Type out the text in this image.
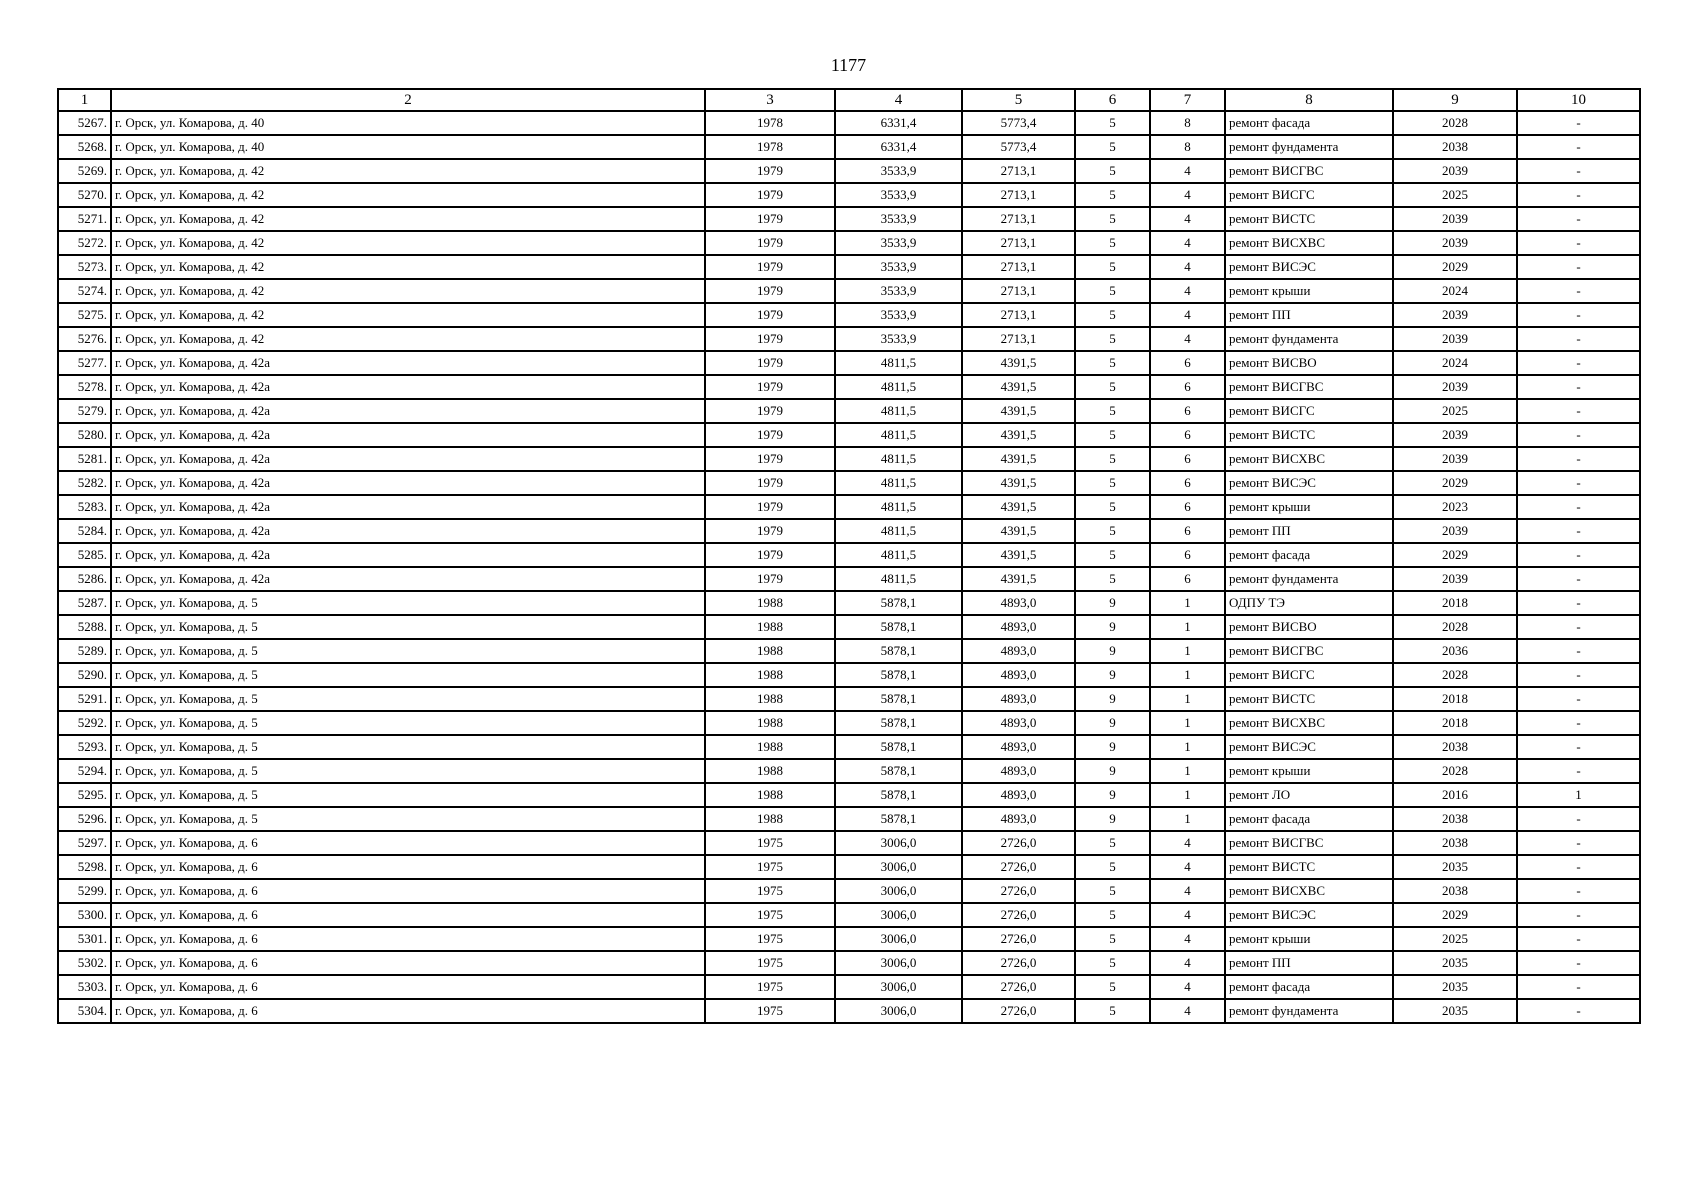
1177
1	2	3	4	5	6	7	8	9	10
5267.	г. Орск, ул. Комарова, д. 40	1978	6331,4	5773,4	5	8	ремонт фасада	2028	-
5268.	г. Орск, ул. Комарова, д. 40	1978	6331,4	5773,4	5	8	ремонт фундамента	2038	-
5269.	г. Орск, ул. Комарова, д. 42	1979	3533,9	2713,1	5	4	ремонт ВИСГВС	2039	-
5270.	г. Орск, ул. Комарова, д. 42	1979	3533,9	2713,1	5	4	ремонт ВИСГС	2025	-
5271.	г. Орск, ул. Комарова, д. 42	1979	3533,9	2713,1	5	4	ремонт ВИСТС	2039	-
5272.	г. Орск, ул. Комарова, д. 42	1979	3533,9	2713,1	5	4	ремонт ВИСХВС	2039	-
5273.	г. Орск, ул. Комарова, д. 42	1979	3533,9	2713,1	5	4	ремонт ВИСЭС	2029	-
5274.	г. Орск, ул. Комарова, д. 42	1979	3533,9	2713,1	5	4	ремонт крыши	2024	-
5275.	г. Орск, ул. Комарова, д. 42	1979	3533,9	2713,1	5	4	ремонт ПП	2039	-
5276.	г. Орск, ул. Комарова, д. 42	1979	3533,9	2713,1	5	4	ремонт фундамента	2039	-
5277.	г. Орск, ул. Комарова, д. 42а	1979	4811,5	4391,5	5	6	ремонт ВИСВО	2024	-
5278.	г. Орск, ул. Комарова, д. 42а	1979	4811,5	4391,5	5	6	ремонт ВИСГВС	2039	-
5279.	г. Орск, ул. Комарова, д. 42а	1979	4811,5	4391,5	5	6	ремонт ВИСГС	2025	-
5280.	г. Орск, ул. Комарова, д. 42а	1979	4811,5	4391,5	5	6	ремонт ВИСТС	2039	-
5281.	г. Орск, ул. Комарова, д. 42а	1979	4811,5	4391,5	5	6	ремонт ВИСХВС	2039	-
5282.	г. Орск, ул. Комарова, д. 42а	1979	4811,5	4391,5	5	6	ремонт ВИСЭС	2029	-
5283.	г. Орск, ул. Комарова, д. 42а	1979	4811,5	4391,5	5	6	ремонт крыши	2023	-
5284.	г. Орск, ул. Комарова, д. 42а	1979	4811,5	4391,5	5	6	ремонт ПП	2039	-
5285.	г. Орск, ул. Комарова, д. 42а	1979	4811,5	4391,5	5	6	ремонт фасада	2029	-
5286.	г. Орск, ул. Комарова, д. 42а	1979	4811,5	4391,5	5	6	ремонт фундамента	2039	-
5287.	г. Орск, ул. Комарова, д. 5	1988	5878,1	4893,0	9	1	ОДПУ ТЭ	2018	-
5288.	г. Орск, ул. Комарова, д. 5	1988	5878,1	4893,0	9	1	ремонт ВИСВО	2028	-
5289.	г. Орск, ул. Комарова, д. 5	1988	5878,1	4893,0	9	1	ремонт ВИСГВС	2036	-
5290.	г. Орск, ул. Комарова, д. 5	1988	5878,1	4893,0	9	1	ремонт ВИСГС	2028	-
5291.	г. Орск, ул. Комарова, д. 5	1988	5878,1	4893,0	9	1	ремонт ВИСТС	2018	-
5292.	г. Орск, ул. Комарова, д. 5	1988	5878,1	4893,0	9	1	ремонт ВИСХВС	2018	-
5293.	г. Орск, ул. Комарова, д. 5	1988	5878,1	4893,0	9	1	ремонт ВИСЭС	2038	-
5294.	г. Орск, ул. Комарова, д. 5	1988	5878,1	4893,0	9	1	ремонт крыши	2028	-
5295.	г. Орск, ул. Комарова, д. 5	1988	5878,1	4893,0	9	1	ремонт ЛО	2016	1
5296.	г. Орск, ул. Комарова, д. 5	1988	5878,1	4893,0	9	1	ремонт фасада	2038	-
5297.	г. Орск, ул. Комарова, д. 6	1975	3006,0	2726,0	5	4	ремонт ВИСГВС	2038	-
5298.	г. Орск, ул. Комарова, д. 6	1975	3006,0	2726,0	5	4	ремонт ВИСТС	2035	-
5299.	г. Орск, ул. Комарова, д. 6	1975	3006,0	2726,0	5	4	ремонт ВИСХВС	2038	-
5300.	г. Орск, ул. Комарова, д. 6	1975	3006,0	2726,0	5	4	ремонт ВИСЭС	2029	-
5301.	г. Орск, ул. Комарова, д. 6	1975	3006,0	2726,0	5	4	ремонт крыши	2025	-
5302.	г. Орск, ул. Комарова, д. 6	1975	3006,0	2726,0	5	4	ремонт ПП	2035	-
5303.	г. Орск, ул. Комарова, д. 6	1975	3006,0	2726,0	5	4	ремонт фасада	2035	-
5304.	г. Орск, ул. Комарова, д. 6	1975	3006,0	2726,0	5	4	ремонт фундамента	2035	-
